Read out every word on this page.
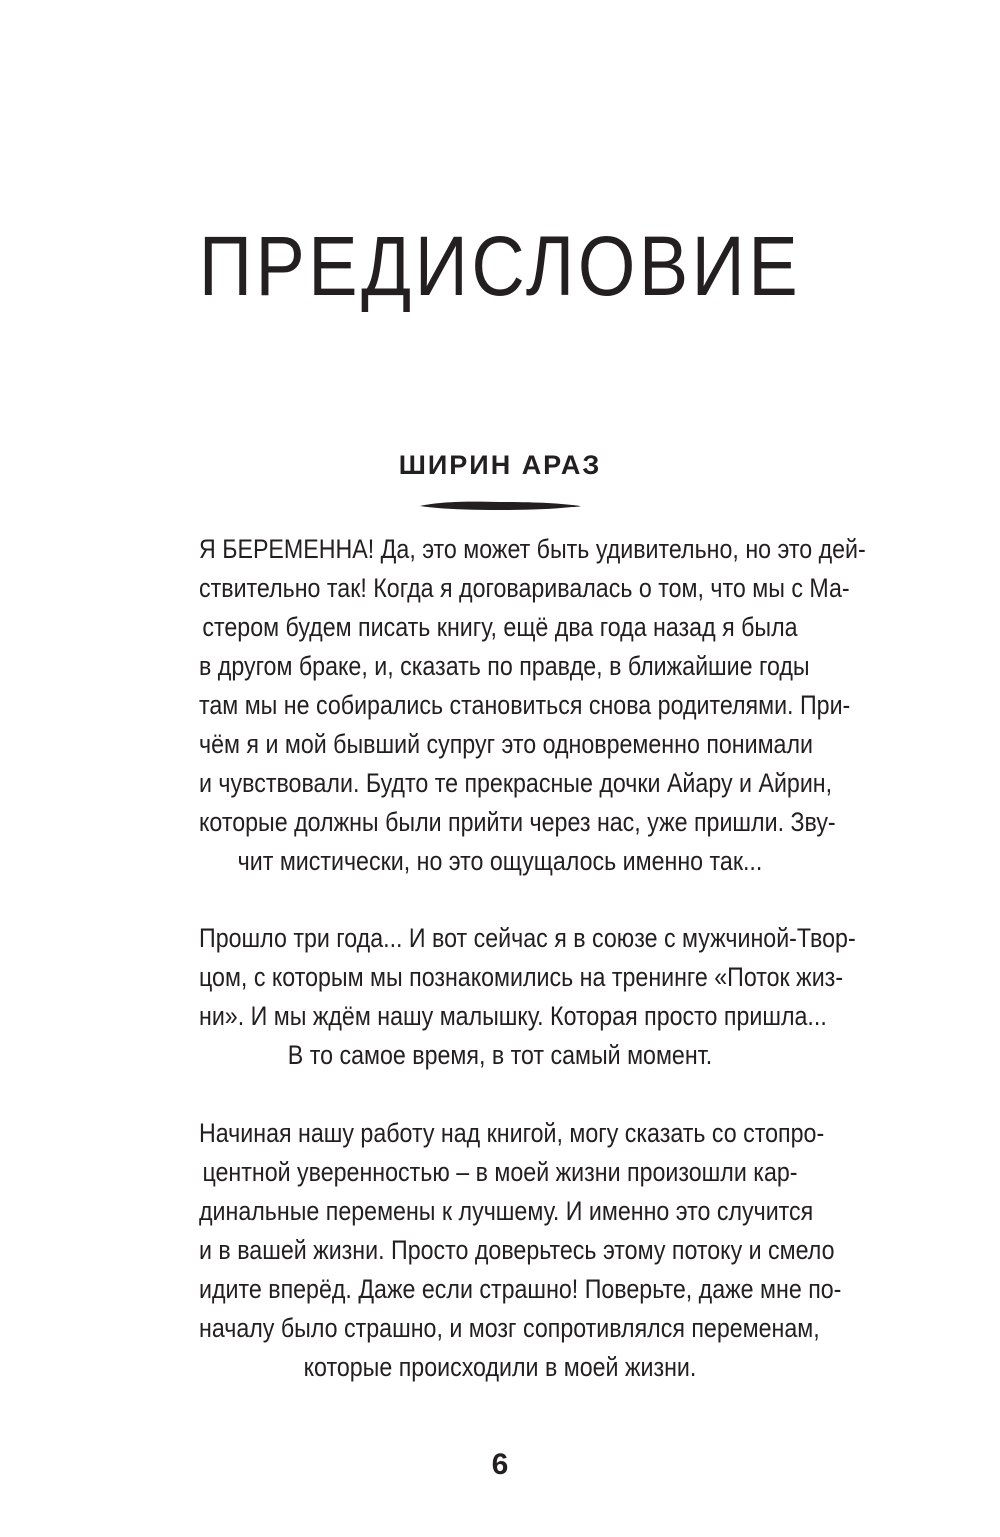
ПРЕДИСЛОВИЕ
ШИРИН АРАЗ
Я БЕРЕМЕННА! Да, это может быть удивительно, но это дей-
ствительно так! Когда я договаривалась о том, что мы с Ма-
стером будем писать книгу, ещё два года назад я была
в другом браке, и, сказать по правде, в ближайшие годы
там мы не собирались становиться снова родителями. При-
чём я и мой бывший супруг это одновременно понимали
и чувствовали. Будто те прекрасные дочки Айару и Айрин,
которые должны были прийти через нас, уже пришли. Зву-
чит мистически, но это ощущалось именно так...
Прошло три года... И вот сейчас я в союзе с мужчиной-Твор-
цом, с которым мы познакомились на тренинге «Поток жиз-
ни». И мы ждём нашу малышку. Которая просто пришла...
В то самое время, в тот самый момент.
Начиная нашу работу над книгой, могу сказать со стопро-
центной уверенностью – в моей жизни произошли кар-
динальные перемены к лучшему. И именно это случится
и в вашей жизни. Просто доверьтесь этому потоку и смело
идите вперёд. Даже если страшно! Поверьте, даже мне по-
началу было страшно, и мозг сопротивлялся переменам,
которые происходили в моей жизни.
6
